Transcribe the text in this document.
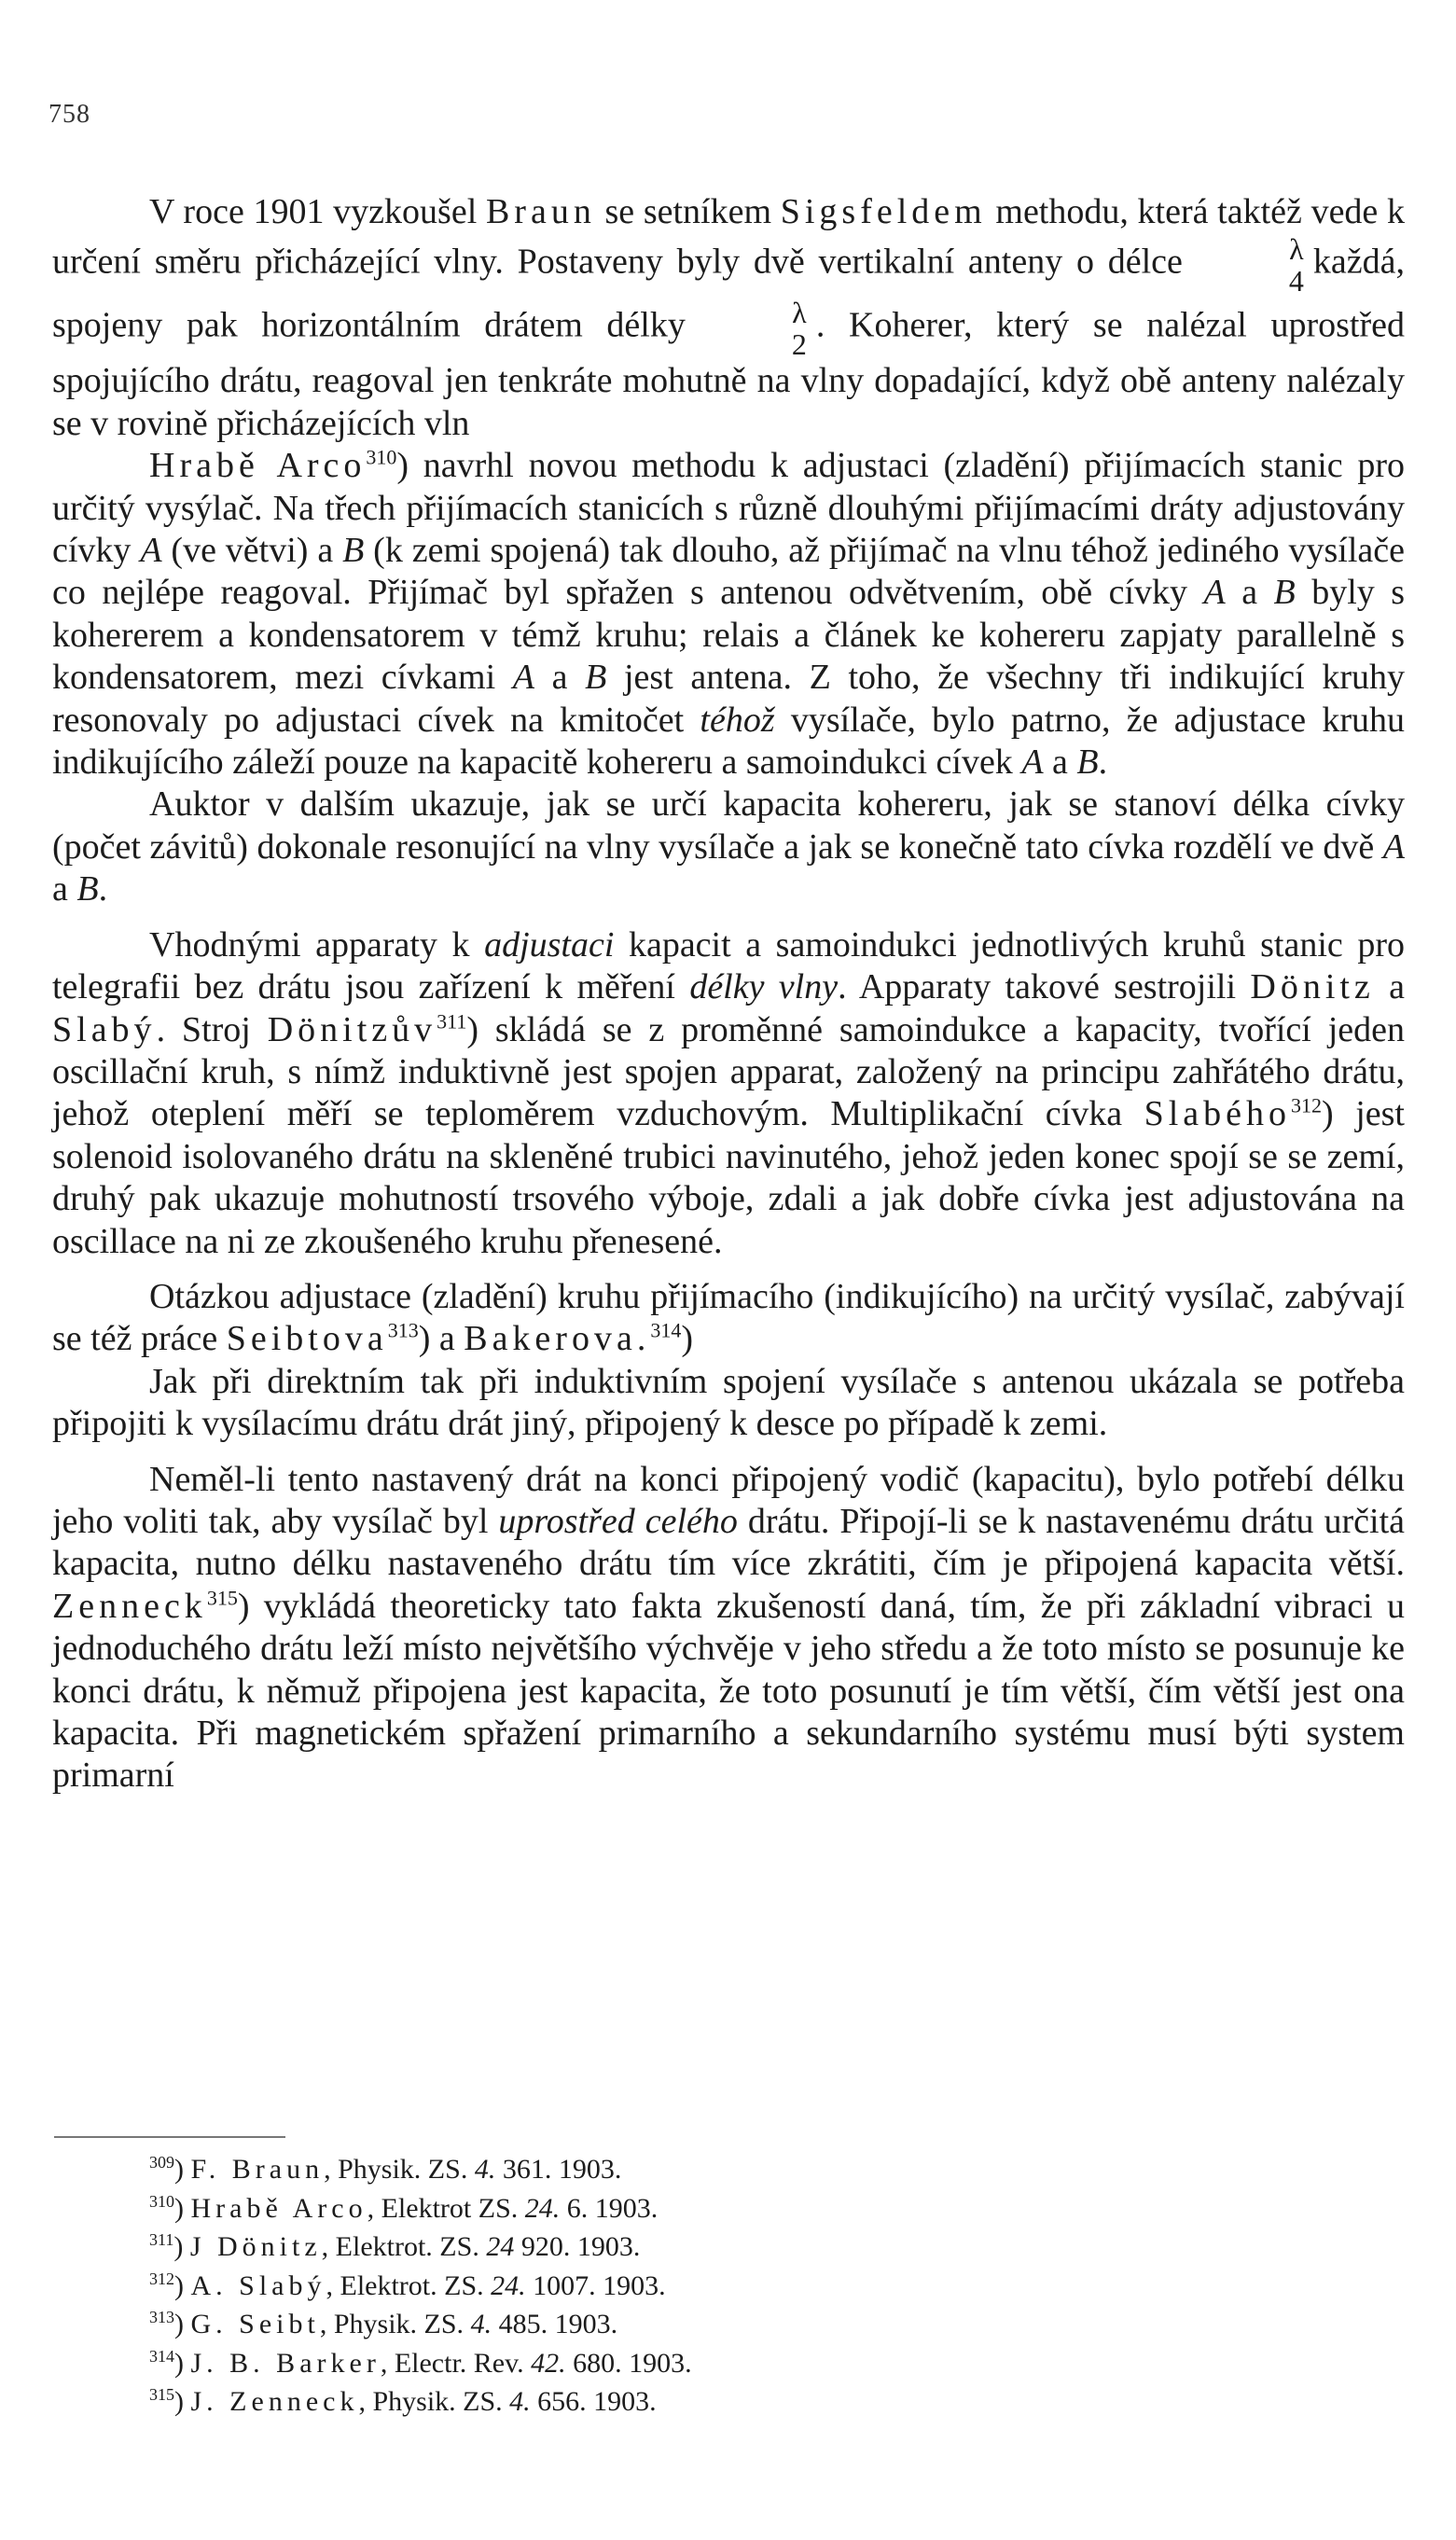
758

V roce 1901 vyzkoušel Braun se setníkem Sigsfeldem methodu, která taktéž vede k určení směru přicházející vlny. Postaveny byly dvě vertikalní anteny o délce	λ
4 každá, spojeny pak horizontálním drátem délky	λ
2 . Koherer, který se nalézal uprostřed spojujícího drátu, reagoval jen tenkráte mohutně na vlny dopadající, když obě anteny nalézaly se v rovině přicházejících vln

Hrabě Arco$^{310}$) navrhl novou methodu k adjustaci (zladění) přijímacích stanic pro určitý vysýlač. Na třech přijímacích stanicích s různě dlouhými přijímacími dráty adjustovány cívky A (ve větvi) a B (k zemi spojená) tak dlouho, až přijímač na vlnu téhož jediného vysílače co nejlépe reagoval. Přijímač byl spřažen s antenou odvětvením, obě cívky A a B byly s kohererem a kondensatorem v témž kruhu; relais a článek ke kohereru zapjaty parallelně s kondensatorem, mezi cívkami A a B jest antena. Z toho, že všechny tři indikující kruhy resonovaly po adjustaci cívek na kmitočet téhož vysílače, bylo patrno, že adjustace kruhu indikujícího záleží pouze na kapacitě kohereru a samoindukci cívek A a B.

Auktor v dalším ukazuje, jak se určí kapacita kohereru, jak se stanoví délka cívky (počet závitů) dokonale resonující na vlny vysílače a jak se konečně tato cívka rozdělí ve dvě A a B.

Vhodnými apparaty k adjustaci kapacit a samoindukci jednotlivých kruhů stanic pro telegrafii bez drátu jsou zařízení k měření délky vlny. Apparaty takové sestrojili Dönitz a Slabý. Stroj Dönitzův$^{311}$) skládá se z proměnné samoindukce a kapacity, tvořící jeden oscillační kruh, s nímž induktivně jest spojen apparat, založený na principu zahřátého drátu, jehož oteplení měří se teploměrem vzduchovým. Multiplikační cívka Slabého$^{312}$) jest solenoid isolovaného drátu na skleněné trubici navinutého, jehož jeden konec spojí se se zemí, druhý pak ukazuje mohutností trsového výboje, zdali a jak dobře cívka jest adjustována na oscillace na ni ze zkoušeného kruhu přenesené.

Otázkou adjustace (zladění) kruhu přijímacího (indikujícího) na určitý vysílač, zabývají se též práce Seibtova$^{313}$) a Bakerova.$^{314}$)

Jak při direktním tak při induktivním spojení vysílače s antenou ukázala se potřeba připojiti k vysílacímu drátu drát jiný, připojený k desce po případě k zemi.

Neměl-li tento nastavený drát na konci připojený vodič (kapacitu), bylo potřebí délku jeho voliti tak, aby vysílač byl uprostřed celého drátu. Připojí-li se k nastavenému drátu určitá kapacita, nutno délku nastaveného drátu tím více zkrátiti, čím je připojená kapacita větší. Zenneck$^{315}$) vykládá theoreticky tato fakta zkušeností daná, tím, že při základní vibraci u jednoduchého drátu leží místo největšího výchvěje v jeho středu a že toto místo se posunuje ke konci drátu, k němuž připojena jest kapacita, že toto posunutí je tím větší, čím větší jest ona kapacita. Při magnetickém spřažení primarního a sekundarního systému musí býti system primarní

$^{309}$) F. Braun, Physik. ZS. 4. 361. 1903.
$^{310}$) Hrabě Arco, Elektrot ZS. 24. 6. 1903.
$^{311}$) J Dönitz, Elektrot. ZS. 24 920. 1903.
$^{312}$) A. Slabý, Elektrot. ZS. 24. 1007. 1903.
$^{313}$) G. Seibt, Physik. ZS. 4. 485. 1903.
$^{314}$) J. B. Barker, Electr. Rev. 42. 680. 1903.
$^{315}$) J. Zenneck, Physik. ZS. 4. 656. 1903.
